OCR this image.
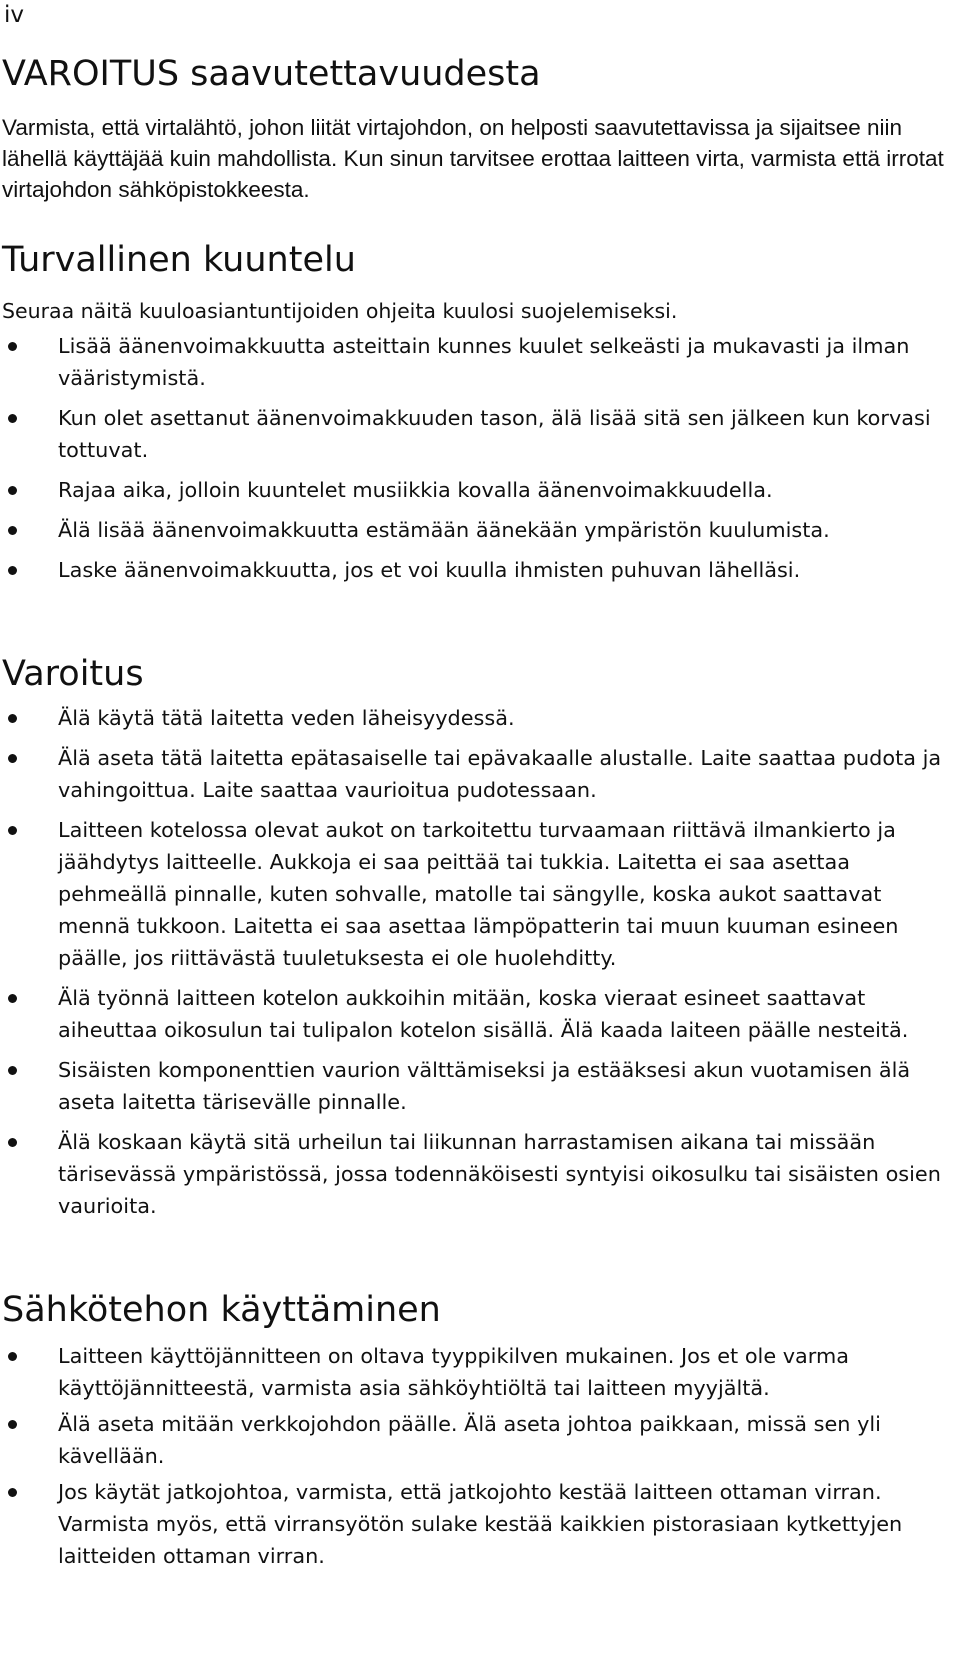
iv
VAROITUS saavutettavuudesta

Varmista, että virtalähtö, johon liität virtajohdon, on helposti saavutettavissa ja sijaitsee niin lähellä käyttäjää kuin mahdollista. Kun sinun tarvitsee erottaa laitteen virta, varmista että irrotat virtajohdon sähköpistokkeesta.

Turvallinen kuuntelu

Seuraa näitä kuuloasiantuntijoiden ohjeita kuulosi suojelemiseksi.

Lisää äänenvoimakkuutta asteittain kunnes kuulet selkeästi ja mukavasti ja ilman vääristymistä.
Kun olet asettanut äänenvoimakkuuden tason, älä lisää sitä sen jälkeen kun korvasi tottuvat.
Rajaa aika, jolloin kuuntelet musiikkia kovalla äänenvoimakkuudella.
Älä lisää äänenvoimakkuutta estämään äänekään ympäristön kuulumista.
Laske äänenvoimakkuutta, jos et voi kuulla ihmisten puhuvan lähelläsi.
Varoitus
Älä käytä tätä laitetta veden läheisyydessä.
Älä aseta tätä laitetta epätasaiselle tai epävakaalle alustalle. Laite saattaa pudota ja vahingoittua. Laite saattaa vaurioitua pudotessaan.
Laitteen kotelossa olevat aukot on tarkoitettu turvaamaan riittävä ilmankierto ja jäähdytys laitteelle. Aukkoja ei saa peittää tai tukkia. Laitetta ei saa asettaa pehmeällä pinnalle, kuten sohvalle, matolle tai sängylle, koska aukot saattavat mennä tukkoon. Laitetta ei saa asettaa lämpöpatterin tai muun kuuman esineen päälle, jos riittävästä tuuletuksesta ei ole huolehditty.
Älä työnnä laitteen kotelon aukkoihin mitään, koska vieraat esineet saattavat aiheuttaa oikosulun tai tulipalon kotelon sisällä. Älä kaada laiteen päälle nesteitä.
Sisäisten komponenttien vaurion välttämiseksi ja estääksesi akun vuotamisen älä aseta laitetta tärisevälle pinnalle.
Älä koskaan käytä sitä urheilun tai liikunnan harrastamisen aikana tai missään tärisevässä ympäristössä, jossa todennäköisesti syntyisi oikosulku tai sisäisten osien vaurioita.
Sähkötehon käyttäminen
Laitteen käyttöjännitteen on oltava tyyppikilven mukainen. Jos et ole varma käyttöjännitteestä, varmista asia sähköyhtiöltä tai laitteen myyjältä.
Älä aseta mitään verkkojohdon päälle. Älä aseta johtoa paikkaan, missä sen yli kävellään.
Jos käytät jatkojohtoa, varmista, että jatkojohto kestää laitteen ottaman virran. Varmista myös, että virransyötön sulake kestää kaikkien pistorasiaan kytkettyjen laitteiden ottaman virran.
